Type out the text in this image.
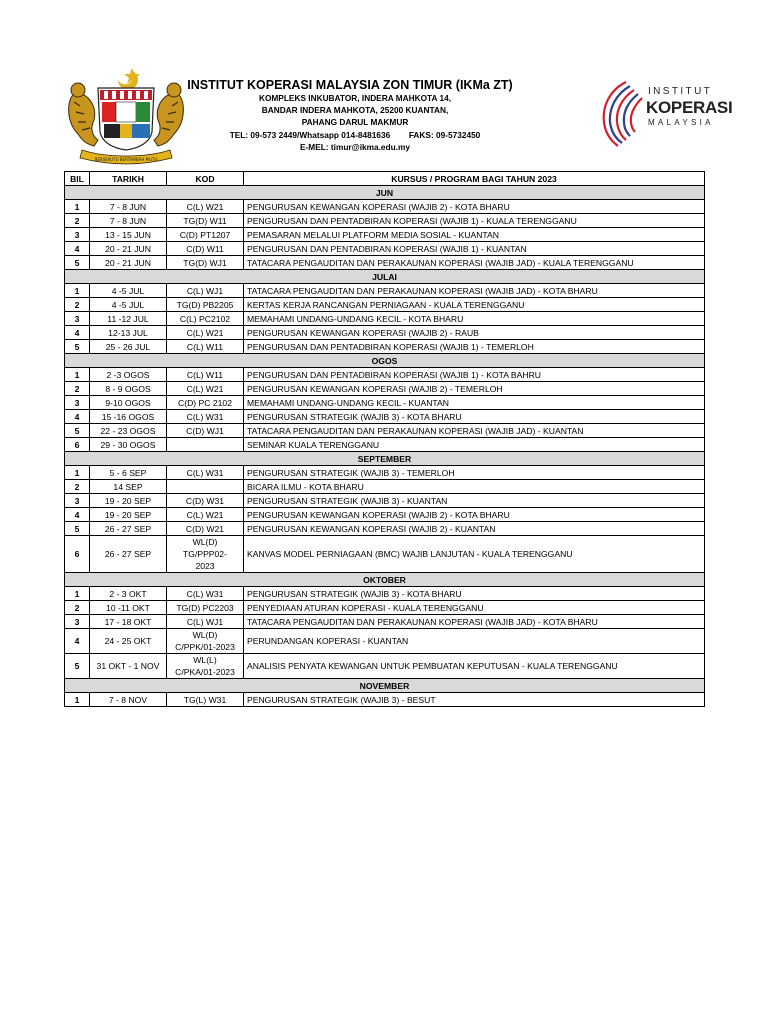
BERSEKUTU BERTAMBAH MUTU
INSTITUT KOPERASI MALAYSIA ZON TIMUR (IKMa ZT)
KOMPLEKS INKUBATOR, INDERA MAHKOTA 14,
BANDAR INDERA MAHKOTA, 25200 KUANTAN,
PAHANG DARUL MAKMUR
TEL: 09-573 2449/Whatsapp 014-8481636 FAKS: 09-5732450
E-MEL: timur@ikma.edu.my
INSTITUT
KOPERASI
MALAYSIA
BIL	TARIKH	KOD	KURSUS / PROGRAM BAGI TAHUN 2023
JUN			
1	7 - 8 JUN	C(L) W21	PENGURUSAN KEWANGAN KOPERASI (WAJIB 2) - KOTA BHARU
2	7 - 8 JUN	TG(D) W11	PENGURUSAN DAN PENTADBIRAN KOPERASI (WAJIB 1) - KUALA TERENGGANU
3	13 - 15 JUN	C(D) PT1207	PEMASARAN MELALUI PLATFORM MEDIA SOSIAL - KUANTAN
4	20 - 21 JUN	C(D) W11	PENGURUSAN DAN PENTADBIRAN KOPERASI (WAJIB 1) - KUANTAN
5	20 - 21 JUN	TG(D) WJ1	TATACARA PENGAUDITAN DAN PERAKAUNAN KOPERASI (WAJIB JAD) - KUALA TERENGGANU
JULAI			
1	4 -5 JUL	C(L) WJ1	TATACARA PENGAUDITAN DAN PERAKAUNAN KOPERASI (WAJIB JAD) - KOTA BHARU
2	4 -5 JUL	TG(D) PB2205	KERTAS KERJA RANCANGAN PERNIAGAAN - KUALA TERENGGANU
3	11 -12 JUL	C(L) PC2102	MEMAHAMI UNDANG-UNDANG KECIL - KOTA BHARU
4	12-13 JUL	C(L) W21	PENGURUSAN KEWANGAN KOPERASI (WAJIB 2) - RAUB
5	25 - 26 JUL	C(L) W11	PENGURUSAN DAN PENTADBIRAN KOPERASI (WAJIB 1) - TEMERLOH
OGOS			
1	2 -3 OGOS	C(L) W11	PENGURUSAN DAN PENTADBIRAN KOPERASI (WAJIB 1) - KOTA BAHRU
2	8 - 9 OGOS	C(L) W21	PENGURUSAN KEWANGAN KOPERASI (WAJIB 2) - TEMERLOH
3	9-10 OGOS	C(D) PC 2102	MEMAHAMI UNDANG-UNDANG KECIL - KUANTAN
4	15 -16 OGOS	C(L) W31	PENGURUSAN STRATEGIK (WAJIB 3) - KOTA BHARU
5	22 - 23 OGOS	C(D) WJ1	TATACARA PENGAUDITAN DAN PERAKAUNAN KOPERASI (WAJIB JAD) - KUANTAN
6	29 - 30 OGOS		SEMINAR KUALA TERENGGANU
SEPTEMBER			
1	5 - 6 SEP	C(L) W31	PENGURUSAN STRATEGIK (WAJIB 3) - TEMERLOH
2	14 SEP		BICARA ILMU - KOTA BHARU
3	19 - 20 SEP	C(D) W31	PENGURUSAN STRATEGIK (WAJIB 3) - KUANTAN
4	19 - 20 SEP	C(L) W21	PENGURUSAN KEWANGAN KOPERASI (WAJIB 2) - KOTA BHARU
5	26 - 27 SEP	C(D) W21	PENGURUSAN KEWANGAN KOPERASI (WAJIB 2) - KUANTAN
6	26 - 27 SEP	WL(D)
TG/PPP02-
2023	KANVAS MODEL PERNIAGAAN (BMC) WAJIB LANJUTAN - KUALA TERENGGANU
OKTOBER			
1	2 - 3 OKT	C(L) W31	PENGURUSAN STRATEGIK (WAJIB 3) - KOTA BHARU
2	10 -11 OKT	TG(D) PC2203	PENYEDIAAN ATURAN KOPERASI - KUALA TERENGGANU
3	17 - 18 OKT	C(L) WJ1	TATACARA PENGAUDITAN DAN PERAKAUNAN KOPERASI (WAJIB JAD) - KOTA BHARU
4	24 - 25 OKT	WL(D)
C/PPK/01-2023	PERUNDANGAN KOPERASI - KUANTAN
5	31 OKT - 1 NOV	WL(L)
C/PKA/01-2023	ANALISIS PENYATA KEWANGAN UNTUK PEMBUATAN KEPUTUSAN - KUALA TERENGGANU
NOVEMBER			
1	7 - 8 NOV	TG(L) W31	PENGURUSAN STRATEGIK (WAJIB 3) - BESUT
